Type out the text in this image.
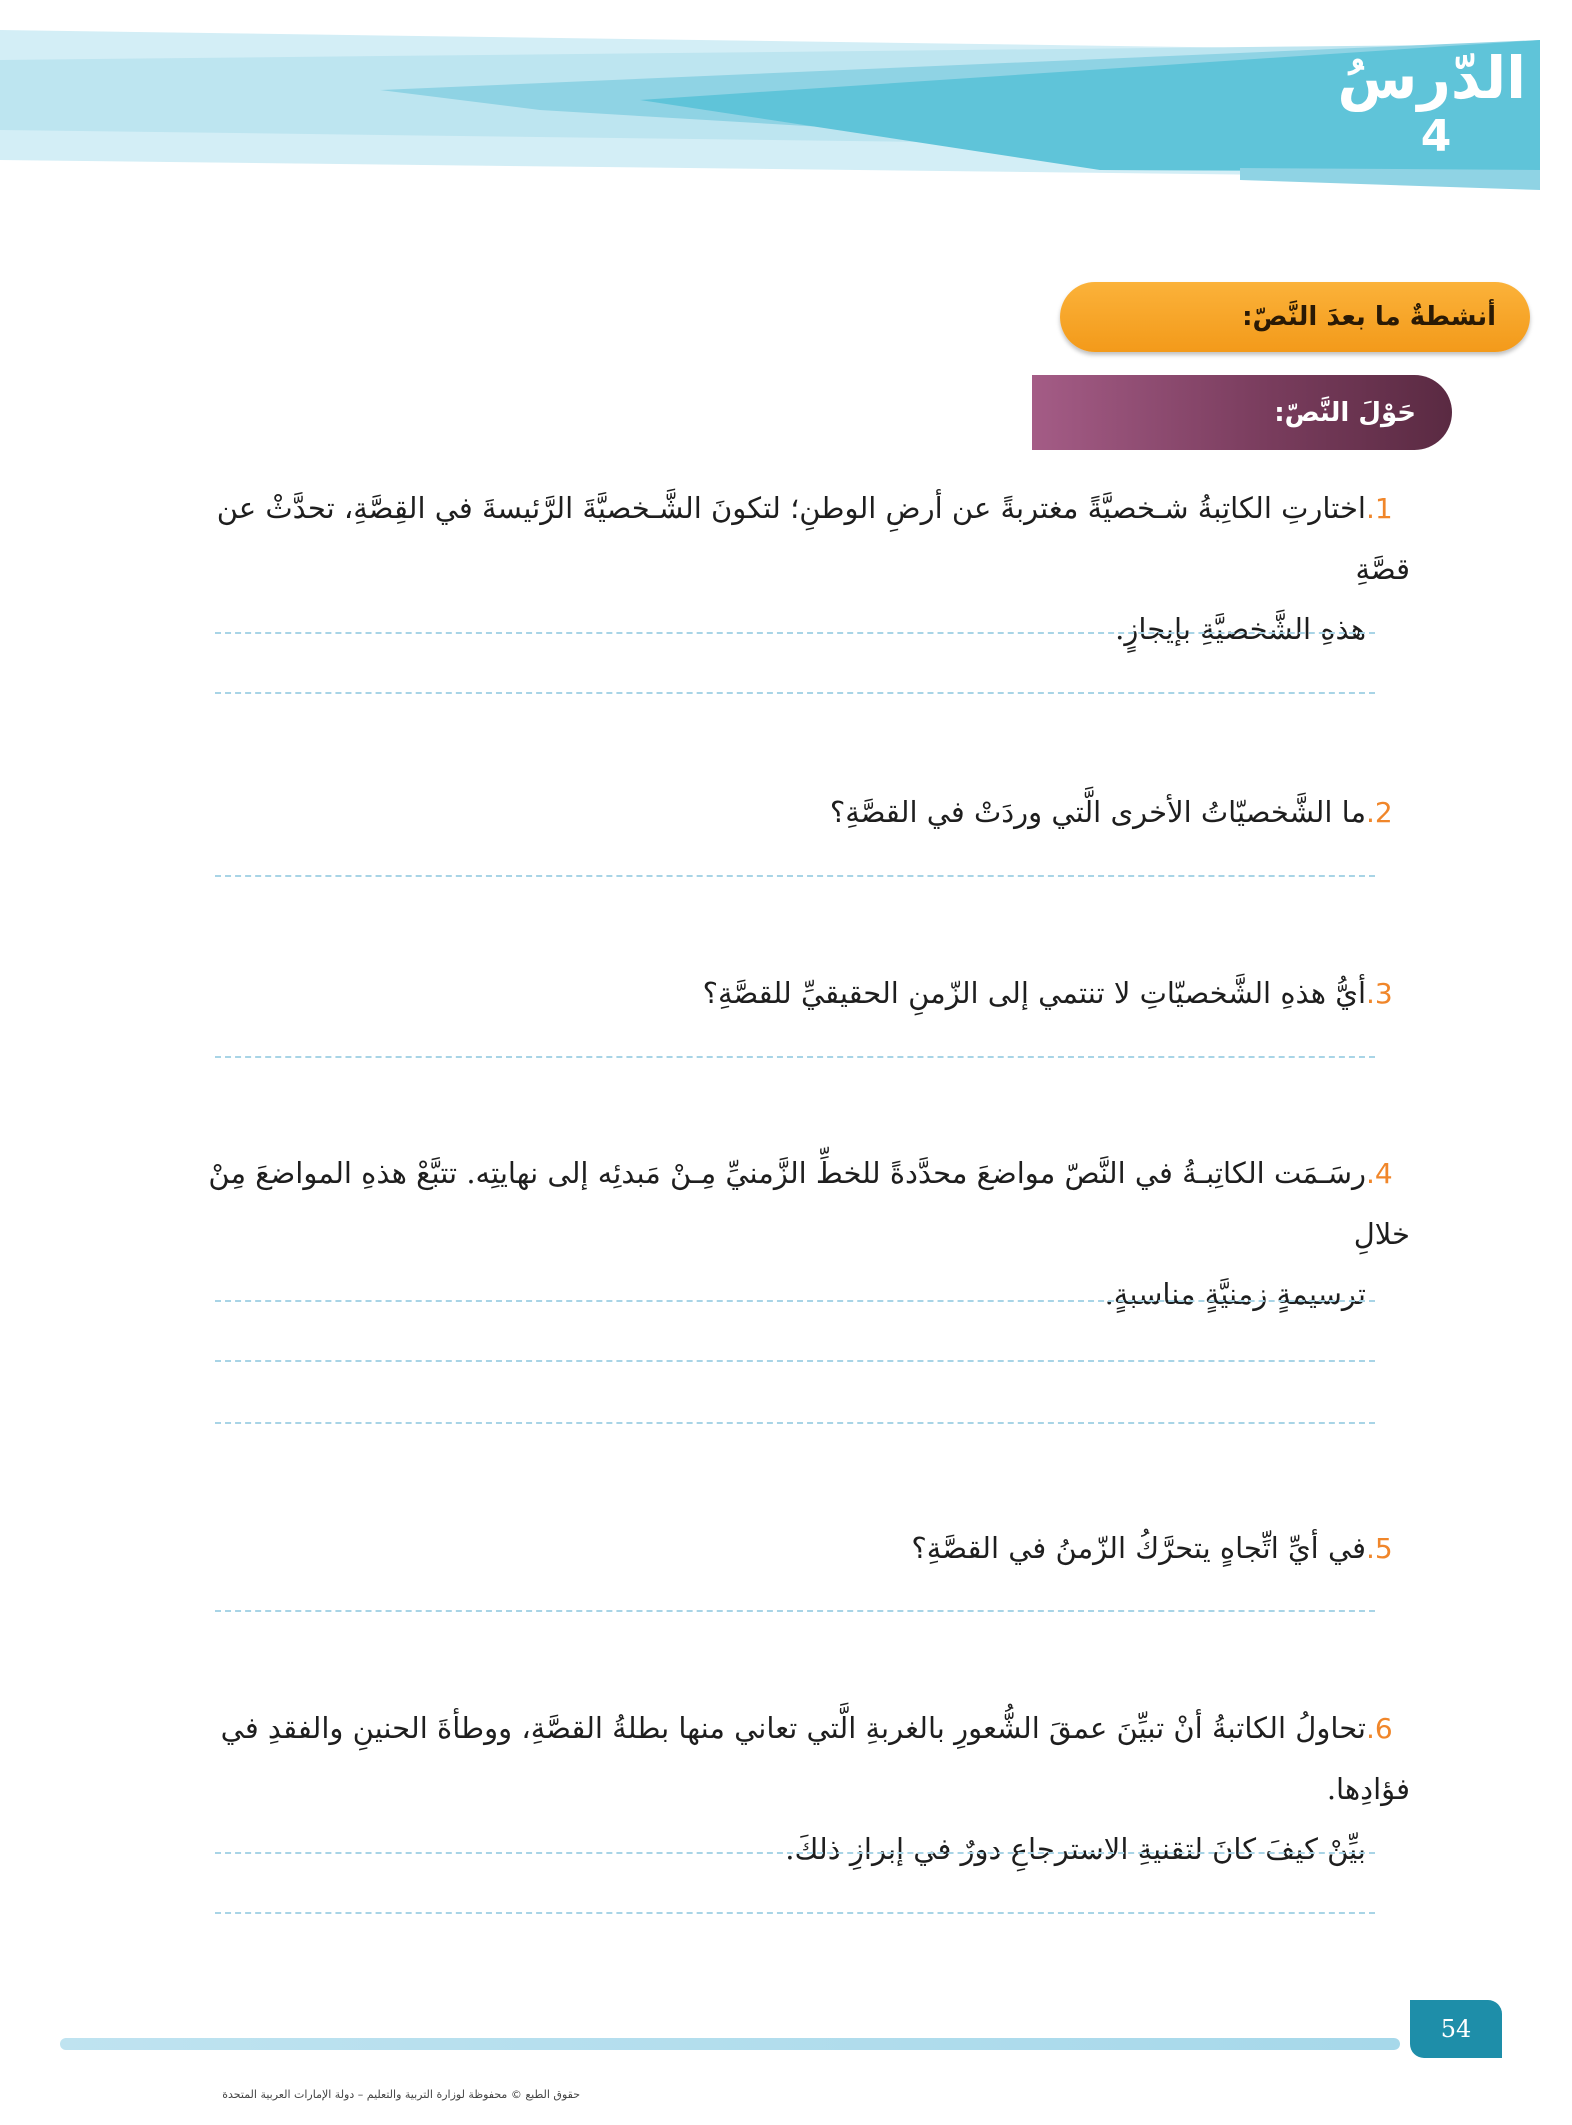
الدّرسُ
4
أنشطةٌ ما بعدَ النَّصّ:
حَوْلَ النَّصّ:
1.اختارتِ الكاتِبةُ شـخصيَّةً مغتربةً عن أرضِ الوطنِ؛ لتكونَ الشَّـخصيَّةَ الرَّئيسةَ في القِصَّةِ، تحدَّثْ عن قصَّةِ
هذهِ الشَّخصيَّةِ بإيجازٍ.
2.ما الشَّخصيّاتُ الأخرى الَّتي وردَتْ في القصَّةِ؟
3.أيُّ هذهِ الشَّخصيّاتِ لا تنتمي إلى الزّمنِ الحقيقيِّ للقصَّةِ؟
4.رسَـمَت الكاتِبـةُ في النَّصّ مواضعَ محدَّدةً للخطِّ الزَّمنيِّ مِـنْ مَبدئِه إلى نهايتِه. تتبَّعْ هذهِ المواضعَ مِنْ خلالِ
ترسيمةٍ زمنيَّةٍ مناسبةٍ.
5.في أيِّ اتِّجاهٍ يتحرَّكُ الزّمنُ في القصَّةِ؟
6.تحاولُ الكاتبةُ أنْ تبيِّنَ عمقَ الشُّعورِ بالغربةِ الَّتي تعاني منها بطلةُ القصَّةِ، ووطأةَ الحنينِ والفقدِ في فؤادِها.
بيِّنْ كيفَ كانَ لتقنيةِ الاسترجاعِ دورٌ في إبرازِ ذلكَ.
54
حقوق الطبع © محفوظة لوزارة التربية والتعليم – دولة الإمارات العربية المتحدة
